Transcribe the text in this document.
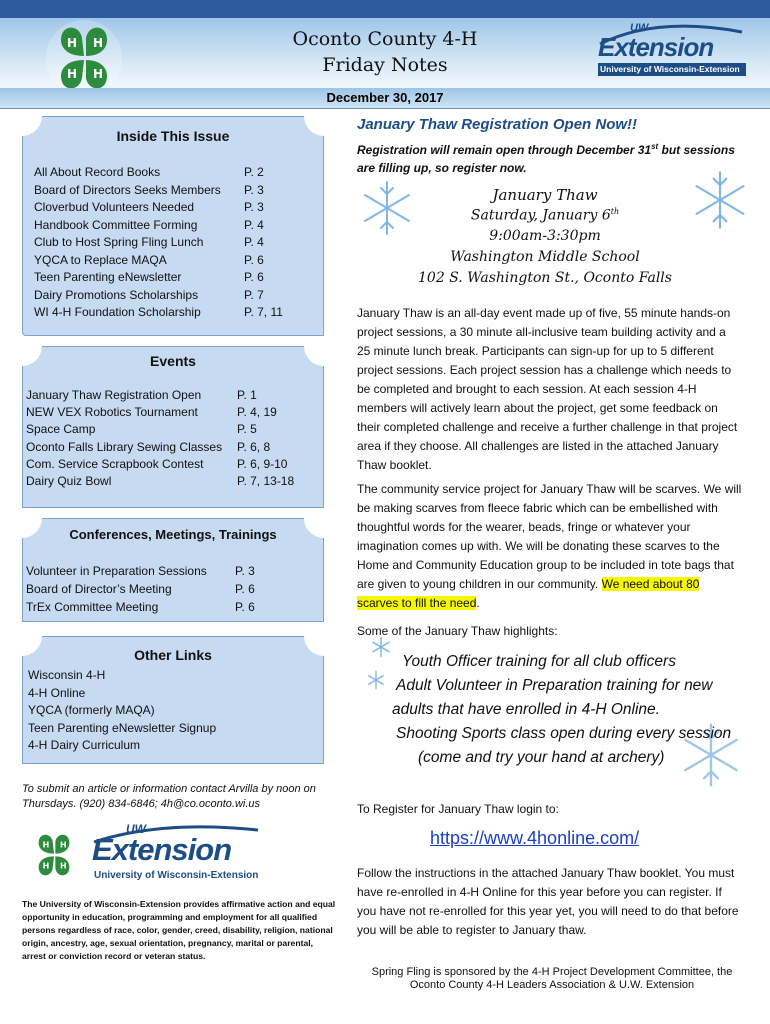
H H
H H
Oconto County 4-H
Friday Notes
UW
Extension
University of Wisconsin-Extension
December 30, 2017
Inside This Issue
All About Record Books	P. 2
Board of Directors Seeks Members P. 3
Cloverbud Volunteers Needed	P. 3
Handbook Committee Forming	P. 4
Club to Host Spring Fling Lunch	P. 4
YQCA to Replace MAQA	P. 6
Teen Parenting eNewsletter	P. 6
Dairy Promotions Scholarships	P. 7
WI 4-H Foundation Scholarship	P. 7, 11
Events
January Thaw Registration Open	P. 1
NEW VEX Robotics Tournament	P. 4, 19
Space Camp	P. 5
Oconto Falls Library Sewing Classes P. 6, 8
Com. Service Scrapbook Contest	P. 6, 9-10
Dairy Quiz Bowl	P. 7, 13-18
Conferences, Meetings, Trainings
Volunteer in Preparation Sessions P. 3
Board of Director’s Meeting	P. 6
TrEx Committee Meeting	P. 6
Other Links
Wisconsin 4-H
4-H Online
YQCA (formerly MAQA)
Teen Parenting eNewsletter Signup
4-H Dairy Curriculum
To submit an article or information contact Arvilla by noon on Thursdays. (920) 834-6846; 4h@co.oconto.wi.us
H H
H H
UW
Extension
University of Wisconsin-Extension
The University of Wisconsin-Extension provides affirmative action and equal opportunity in education, programming and employment for all qualified persons regardless of race, color, gender, creed, disability, religion, national origin, ancestry, age, sexual orientation, pregnancy, marital or parental, arrest or conviction record or veteran status.
January Thaw Registration Open Now!!
Registration will remain open through December 31st but sessions are filling up, so register now.
January Thaw
Saturday, January 6th
9:00am-3:30pm
Washington Middle School
102 S. Washington St., Oconto Falls
January Thaw is an all-day event made up of five, 55 minute hands-on project sessions, a 30 minute all-inclusive team building activity and a 25 minute lunch break. Participants can sign-up for up to 5 different project sessions. Each project session has a challenge which needs to be completed and brought to each session. At each session 4-H members will actively learn about the project, get some feedback on their completed challenge and receive a further challenge in that project area if they choose. All challenges are listed in the attached January Thaw booklet.
The community service project for January Thaw will be scarves. We will be making scarves from fleece fabric which can be embellished with thoughtful words for the wearer, beads, fringe or whatever your imagination comes up with. We will be donating these scarves to the Home and Community Education group to be included in tote bags that are given to young children in our community. We need about 80 scarves to fill the need.
Some of the January Thaw highlights:
Youth Officer training for all club officers
Adult Volunteer in Preparation training for new
adults that have enrolled in 4-H Online.
Shooting Sports class open during every session
(come and try your hand at archery)
To Register for January Thaw login to:
https://www.4honline.com/
Follow the instructions in the attached January Thaw booklet. You must have re-enrolled in 4-H Online for this year before you can register. If you have not re-enrolled for this year yet, you will need to do that before you will be able to register to January thaw.
Spring Fling is sponsored by the 4-H Project Development Committee, the Oconto County 4-H Leaders Association & U.W. Extension
